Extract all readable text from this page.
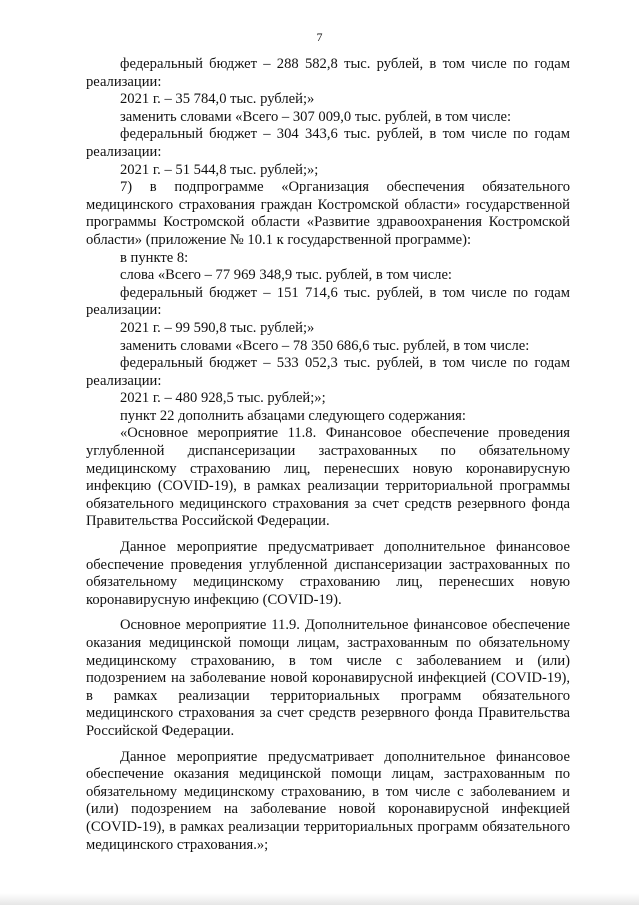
7

федеральный бюджет – 288 582,8 тыс. рублей, в том числе по годам реализации:

2021 г. – 35 784,0 тыс. рублей;»

заменить словами «Всего – 307 009,0 тыс. рублей, в том числе:

федеральный бюджет – 304 343,6 тыс. рублей, в том числе по годам реализации:

2021 г. – 51 544,8 тыс. рублей;»;

7) в подпрограмме «Организация обеспечения обязательного медицинского страхования граждан Костромской области» государственной программы Костромской области «Развитие здравоохранения Костромской области» (приложение № 10.1 к государственной программе):

в пункте 8:

слова «Всего – 77 969 348,9 тыс. рублей, в том числе:

федеральный бюджет – 151 714,6 тыс. рублей, в том числе по годам реализации:

2021 г. – 99 590,8 тыс. рублей;»

заменить словами «Всего – 78 350 686,6 тыс. рублей, в том числе:

федеральный бюджет – 533 052,3 тыс. рублей, в том числе по годам реализации:

2021 г. – 480 928,5 тыс. рублей;»;

пункт 22 дополнить абзацами следующего содержания:

«Основное мероприятие 11.8. Финансовое обеспечение проведения углубленной диспансеризации застрахованных по обязательному медицинскому страхованию лиц, перенесших новую коронавирусную инфекцию (COVID-19), в рамках реализации территориальной программы обязательного медицинского страхования за счет средств резервного фонда Правительства Российской Федерации.

Данное мероприятие предусматривает дополнительное финансовое обеспечение проведения углубленной диспансеризации застрахованных по обязательному медицинскому страхованию лиц, перенесших новую коронавирусную инфекцию (COVID-19).

Основное мероприятие 11.9. Дополнительное финансовое обеспечение оказания медицинской помощи лицам, застрахованным по обязательному медицинскому страхованию, в том числе с заболеванием и (или) подозрением на заболевание новой коронавирусной инфекцией (COVID-19), в рамках реализации территориальных программ обязательного медицинского страхования за счет средств резервного фонда Правительства Российской Федерации.

Данное мероприятие предусматривает дополнительное финансовое обеспечение оказания медицинской помощи лицам, застрахованным по обязательному медицинскому страхованию, в том числе с заболеванием и (или) подозрением на заболевание новой коронавирусной инфекцией (COVID-19), в рамках реализации территориальных программ обязательного медицинского страхования.»;
